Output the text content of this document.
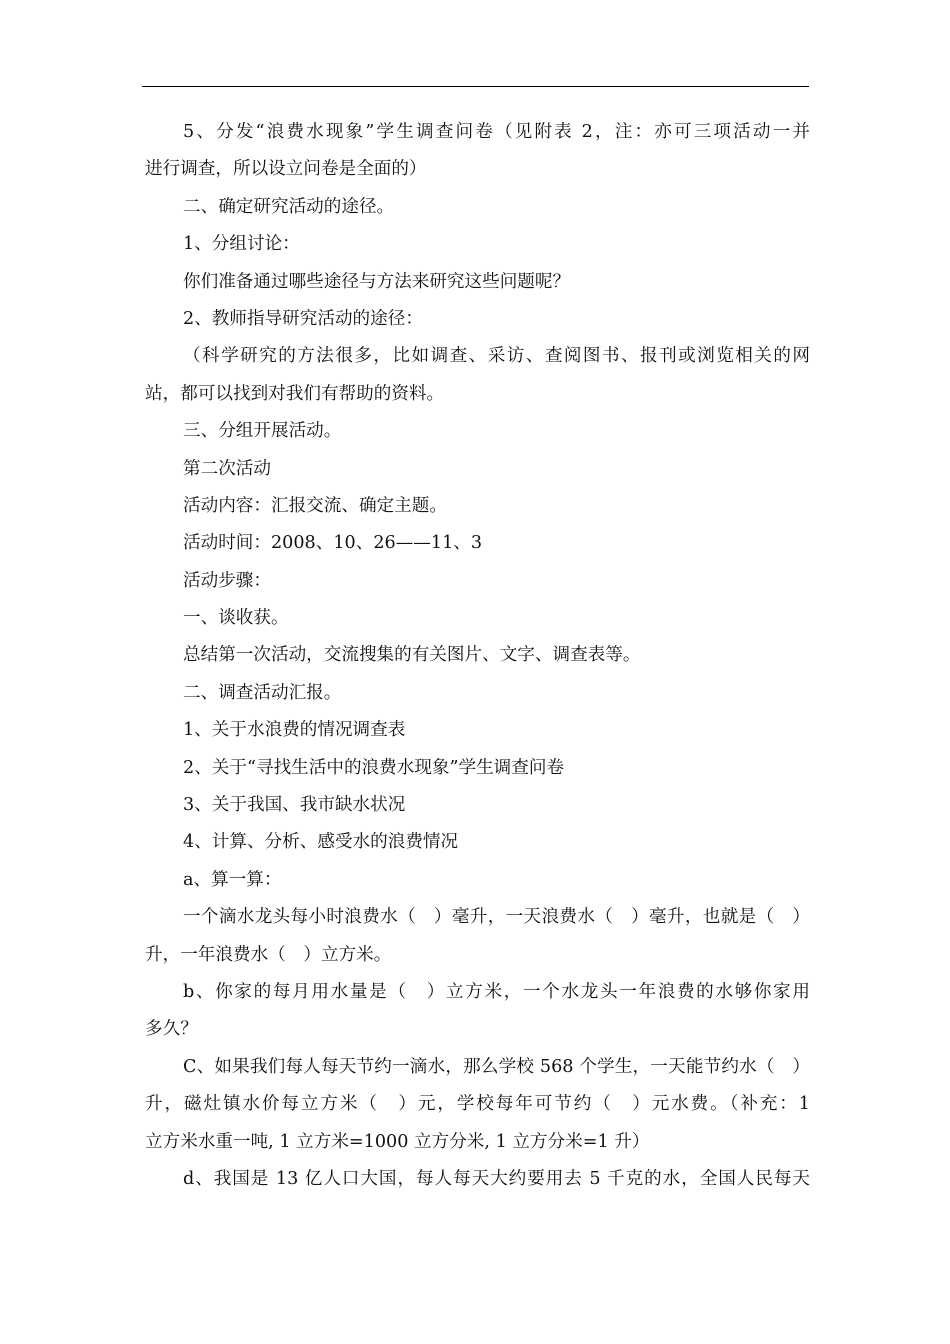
5、分发“浪费水现象”学生调查问卷（见附表 2，注：亦可三项活动一并
进行调查，所以设立问卷是全面的）
二、确定研究活动的途径。
1、分组讨论：
你们准备通过哪些途径与方法来研究这些问题呢？
2、教师指导研究活动的途径：
（科学研究的方法很多，比如调查、采访、查阅图书、报刊或浏览相关的网
站，都可以找到对我们有帮助的资料。
三、分组开展活动。
第二次活动
活动内容：汇报交流、确定主题。
活动时间：2008、10、26——11、3
活动步骤：
一、谈收获。
总结第一次活动，交流搜集的有关图片、文字、调查表等。
二、调查活动汇报。
1、关于水浪费的情况调查表
2、关于“寻找生活中的浪费水现象”学生调查问卷
3、关于我国、我市缺水状况
4、计算、分析、感受水的浪费情况
a、算一算：
一个滴水龙头每小时浪费水（　）毫升，一天浪费水（　）毫升，也就是（　）
升，一年浪费水（　）立方米。
b、你家的每月用水量是（　）立方米，一个水龙头一年浪费的水够你家用
多久？
C、如果我们每人每天节约一滴水，那么学校 568 个学生，一天能节约水（　）
升，磁灶镇水价每立方米（　）元，学校每年可节约（　）元水费。（补充：1
立方米水重一吨, 1 立方米=1000 立方分米, 1 立方分米=1 升）
d、我国是 13 亿人口大国，每人每天大约要用去 5 千克的水，全国人民每天
